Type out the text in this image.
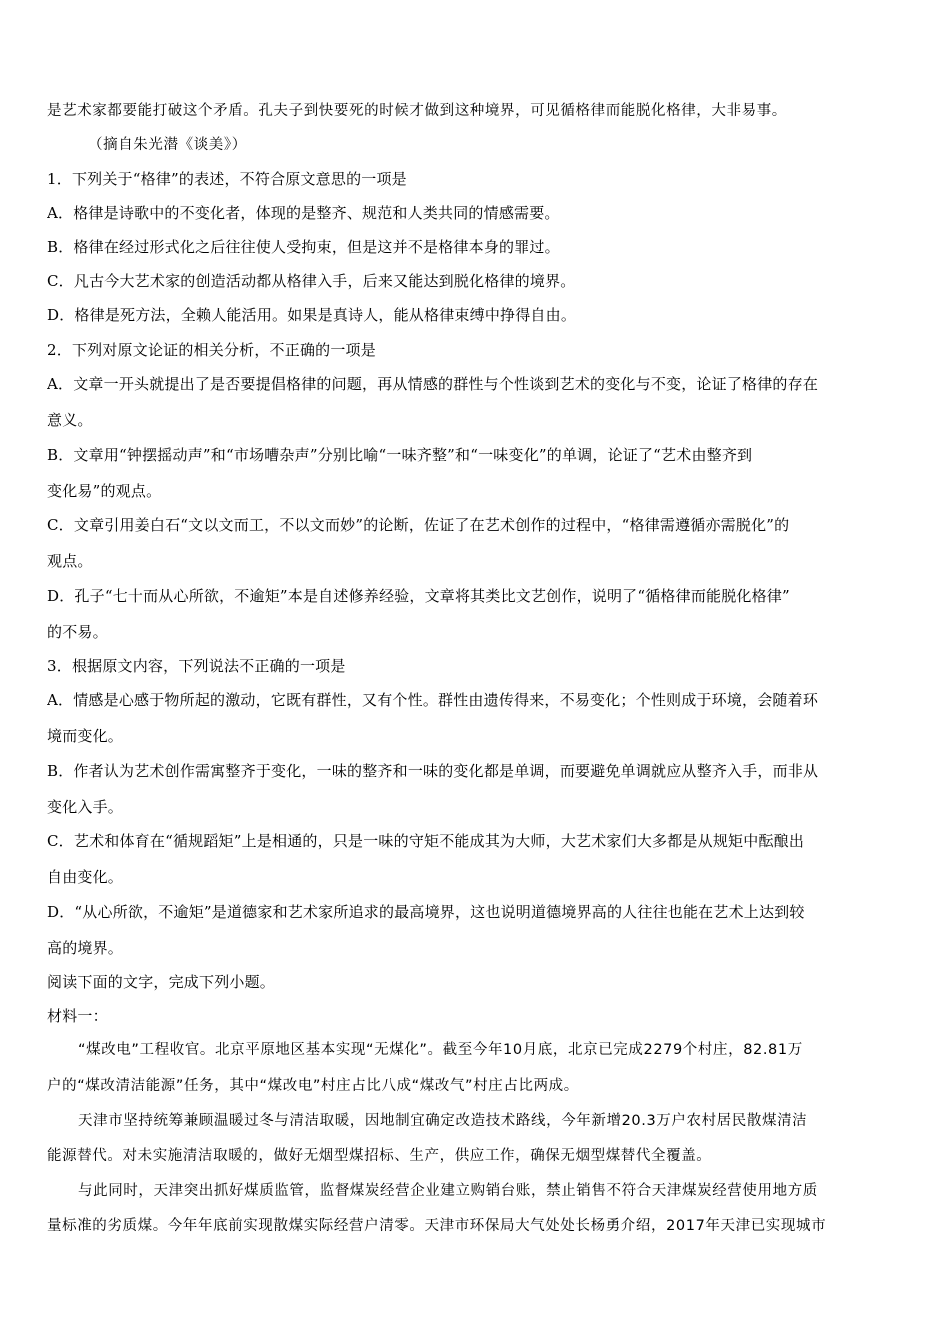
是艺术家都要能打破这个矛盾。孔夫子到快要死的时候才做到这种境界，可见循格律而能脱化格律，大非易事。
（摘自朱光潜《谈美》）
1．下列关于“格律”的表述，不符合原文意思的一项是
A．格律是诗歌中的不变化者，体现的是整齐、规范和人类共同的情感需要。
B．格律在经过形式化之后往往使人受拘束，但是这并不是格律本身的罪过。
C．凡古今大艺术家的创造活动都从格律入手，后来又能达到脱化格律的境界。
D．格律是死方法，全赖人能活用。如果是真诗人，能从格律束缚中挣得自由。
2．下列对原文论证的相关分析，不正确的一项是
A．文章一开头就提出了是否要提倡格律的问题，再从情感的群性与个性谈到艺术的变化与不变，论证了格律的存在
意义。
B．文章用“钟摆摇动声”和“市场嘈杂声”分别比喻“一味齐整”和“一味变化”的单调，论证了“艺术由整齐到
变化易”的观点。
C．文章引用姜白石“文以文而工，不以文而妙”的论断，佐证了在艺术创作的过程中，“格律需遵循亦需脱化”的
观点。
D．孔子“七十而从心所欲，不逾矩”本是自述修养经验，文章将其类比文艺创作，说明了“循格律而能脱化格律”
的不易。
3．根据原文内容，下列说法不正确的一项是
A．情感是心感于物所起的激动，它既有群性，又有个性。群性由遗传得来，不易变化；个性则成于环境，会随着环
境而变化。
B．作者认为艺术创作需寓整齐于变化，一味的整齐和一味的变化都是单调，而要避免单调就应从整齐入手，而非从
变化入手。
C．艺术和体育在“循规蹈矩”上是相通的，只是一味的守矩不能成其为大师，大艺术家们大多都是从规矩中酝酿出
自由变化。
D．“从心所欲，不逾矩”是道德家和艺术家所追求的最高境界，这也说明道德境界高的人往往也能在艺术上达到较
高的境界。
阅读下面的文字，完成下列小题。
材料一：
“煤改电”工程收官。北京平原地区基本实现“无煤化”。截至今年10月底，北京已完成2279个村庄，82.81万
户的“煤改清洁能源”任务，其中“煤改电”村庄占比八成“煤改气”村庄占比两成。
天津市坚持统筹兼顾温暖过冬与清洁取暖，因地制宜确定改造技术路线，今年新增20.3万户农村居民散煤清洁
能源替代。对未实施清洁取暖的，做好无烟型煤招标、生产，供应工作，确保无烟型煤替代全覆盖。
与此同时，天津突出抓好煤质监管，监督煤炭经营企业建立购销台账，禁止销售不符合天津煤炭经营使用地方质
量标准的劣质煤。今年年底前实现散煤实际经营户清零。天津市环保局大气处处长杨勇介绍，2017年天津已实现城市
